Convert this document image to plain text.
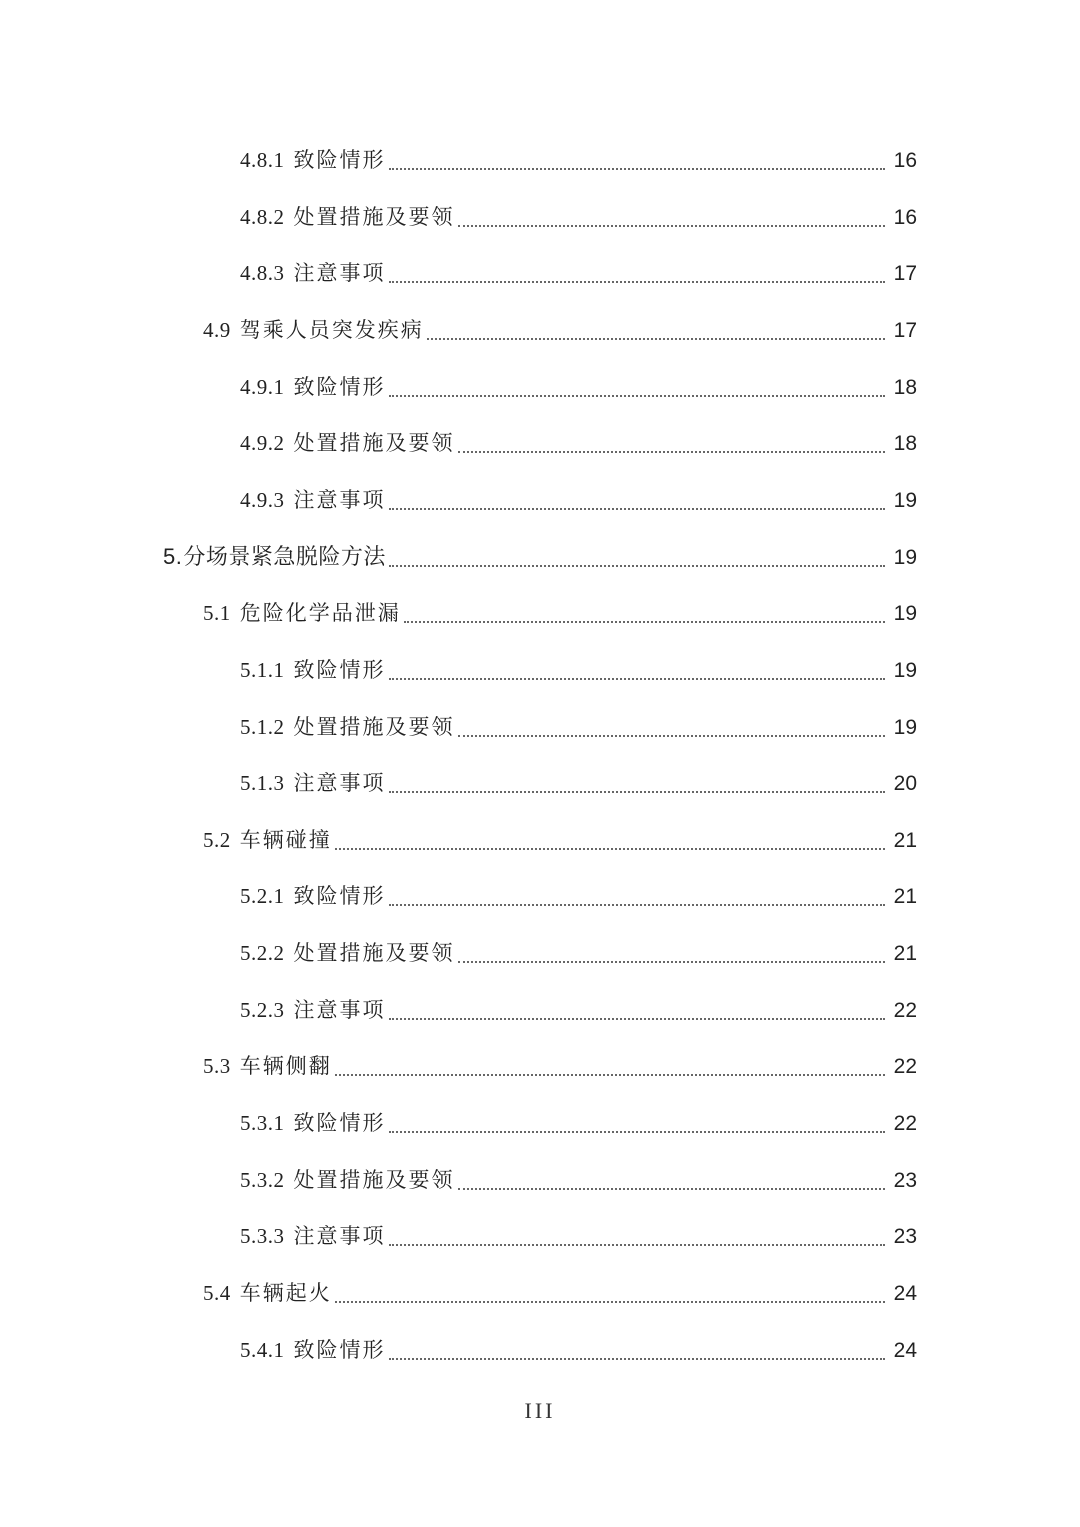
4.8.1 致险情形	16
4.8.2 处置措施及要领	16
4.8.3 注意事项	17
4.9 驾乘人员突发疾病	17
4.9.1 致险情形	18
4.9.2 处置措施及要领	18
4.9.3 注意事项	19
5. 分场景紧急脱险方法	19
5.1 危险化学品泄漏	19
5.1.1 致险情形	19
5.1.2 处置措施及要领	19
5.1.3 注意事项	20
5.2 车辆碰撞	21
5.2.1 致险情形	21
5.2.2 处置措施及要领	21
5.2.3 注意事项	22
5.3 车辆侧翻	22
5.3.1 致险情形	22
5.3.2 处置措施及要领	23
5.3.3 注意事项	23
5.4 车辆起火	24
5.4.1 致险情形	24
III
